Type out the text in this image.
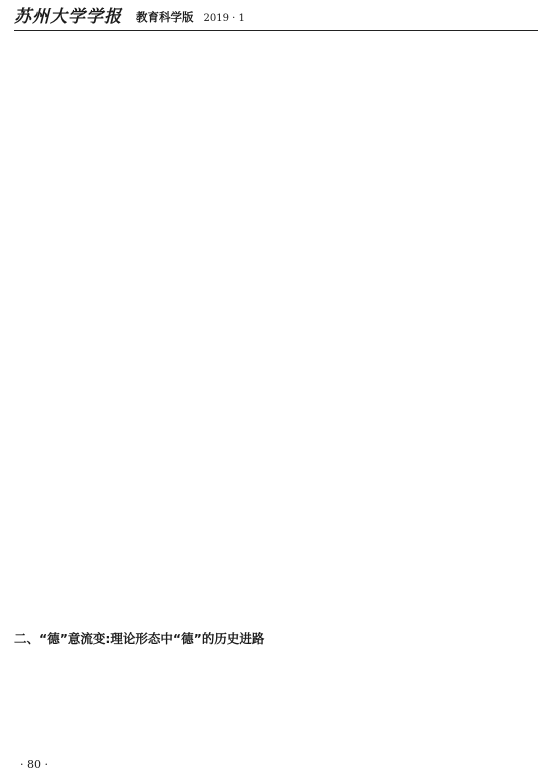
苏州大学学报 教育科学版 2019 · 1
二、“德”意流变:理论形态中“德”的历史进路
· 80 ·
